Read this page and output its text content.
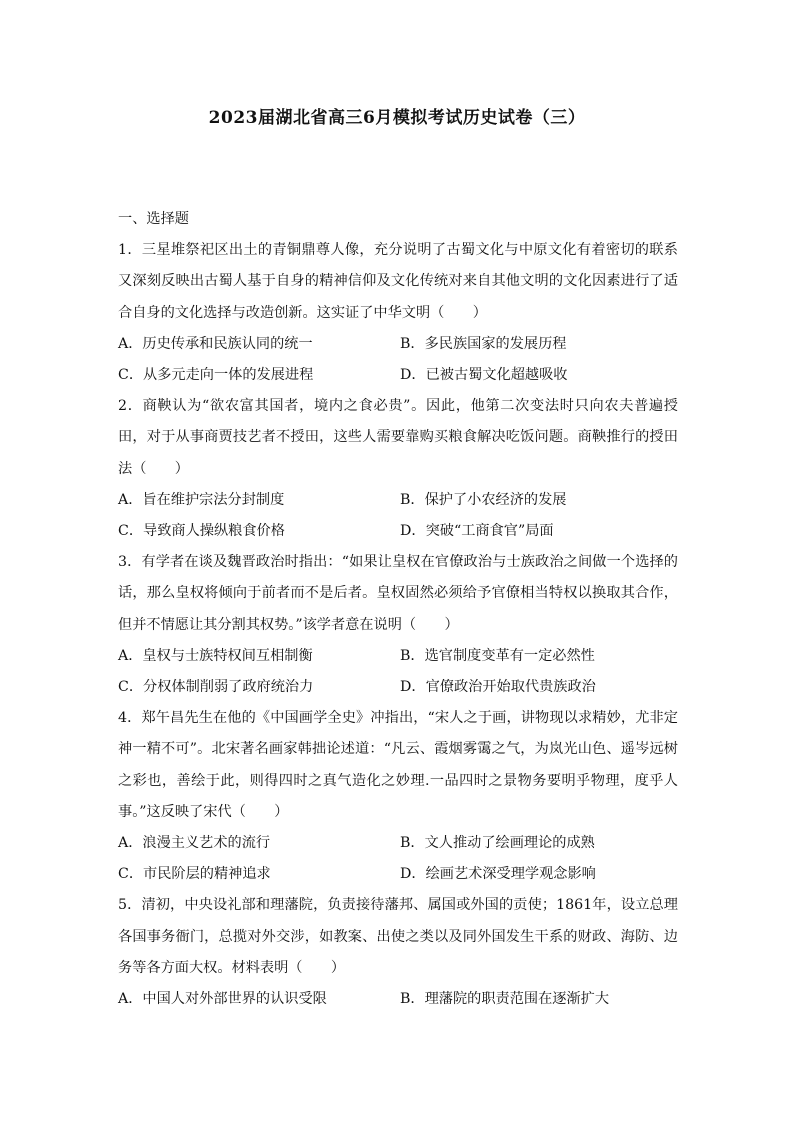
2023届湖北省高三6月模拟考试历史试卷（三）

一、选择题

1．三星堆祭祀区出土的青铜鼎尊人像，充分说明了古蜀文化与中原文化有着密切的联系又深刻反映出古蜀人基于自身的精神信仰及文化传统对来自其他文明的文化因素进行了适合自身的文化选择与改造创新。这实证了中华文明（　　）

A．历史传承和民族认同的统一	B．多民族国家的发展历程
C．从多元走向一体的发展进程	D．已被古蜀文化超越吸收

2．商鞅认为“欲农富其国者，境内之食必贵”。因此，他第二次变法时只向农夫普遍授田，对于从事商贾技艺者不授田，这些人需要靠购买粮食解决吃饭问题。商鞅推行的授田法（　　）

A．旨在维护宗法分封制度	B．保护了小农经济的发展
C．导致商人操纵粮食价格	D．突破“工商食官”局面

3．有学者在谈及魏晋政治时指出：“如果让皇权在官僚政治与士族政治之间做一个选择的话，那么皇权将倾向于前者而不是后者。皇权固然必须给予官僚相当特权以换取其合作，但并不情愿让其分割其权势。”该学者意在说明（　　）

A．皇权与士族特权间互相制衡	B．选官制度变革有一定必然性
C．分权体制削弱了政府统治力	D．官僚政治开始取代贵族政治

4．郑午昌先生在他的《中国画学全史》冲指出，“宋人之于画，讲物现以求精妙，尤非定神一精不可”。北宋著名画家韩拙论述道：“凡云、霞烟雾霭之气，为岚光山色、遥岑远树之彩也，善绘于此，则得四时之真气造化之妙理.一品四时之景物务要明乎物理，度乎人事。”这反映了宋代（　　）

A．浪漫主义艺术的流行	B．文人推动了绘画理论的成熟
C．市民阶层的精神追求	D．绘画艺术深受理学观念影响

5．清初，中央设礼部和理藩院，负责接待藩邦、属国或外国的贡使；1861年，设立总理各国事务衙门，总揽对外交涉，如教案、出使之类以及同外国发生干系的财政、海防、边务等各方面大权。材料表明（　　）

A．中国人对外部世界的认识受限	B．理藩院的职责范围在逐渐扩大
